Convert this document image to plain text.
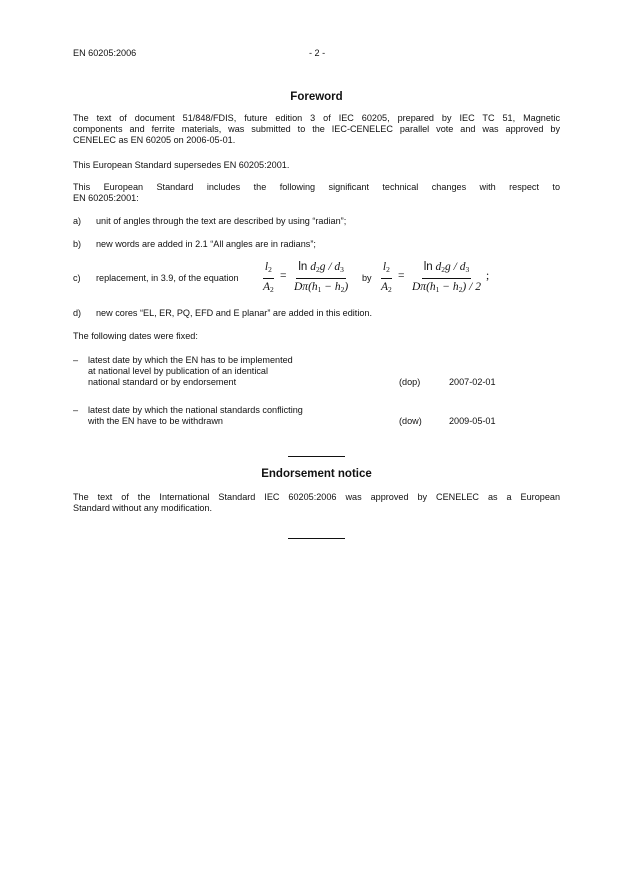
EN 60205:2006	- 2 -
Foreword
The text of document 51/848/FDIS, future edition 3 of IEC 60205, prepared by IEC TC 51, Magnetic
components and ferrite materials, was submitted to the IEC-CENELEC parallel vote and was approved by
CENELEC as EN 60205 on 2006-05-01.
This European Standard supersedes EN 60205:2001.
This European Standard includes the following significant technical changes with respect to
EN 60205:2001:
a) unit of angles through the text are described by using “radian”;
b) new words are added in 2.1 “All angles are in radians”;
c) replacement, in 3.9, of the equation $\frac{l_2}{A_2} = \frac{\ln d_2g / d_3}{D\pi(h_1 - h_2)}$ by $\frac{l_2}{A_2} = \frac{\ln d_2g / d_3}{D\pi(h_1 - h_2) / 2}$ ;
d) new cores “EL, ER, PQ, EFD and E planar” are added in this edition.
The following dates were fixed:
– latest date by which the EN has to be implemented
at national level by publication of an identical
national standard or by endorsement	(dop)	2007-02-01
– latest date by which the national standards conflicting
with the EN have to be withdrawn	(dow)	2009-05-01
Endorsement notice
The text of the International Standard IEC 60205:2006 was approved by CENELEC as a European
Standard without any modification.
